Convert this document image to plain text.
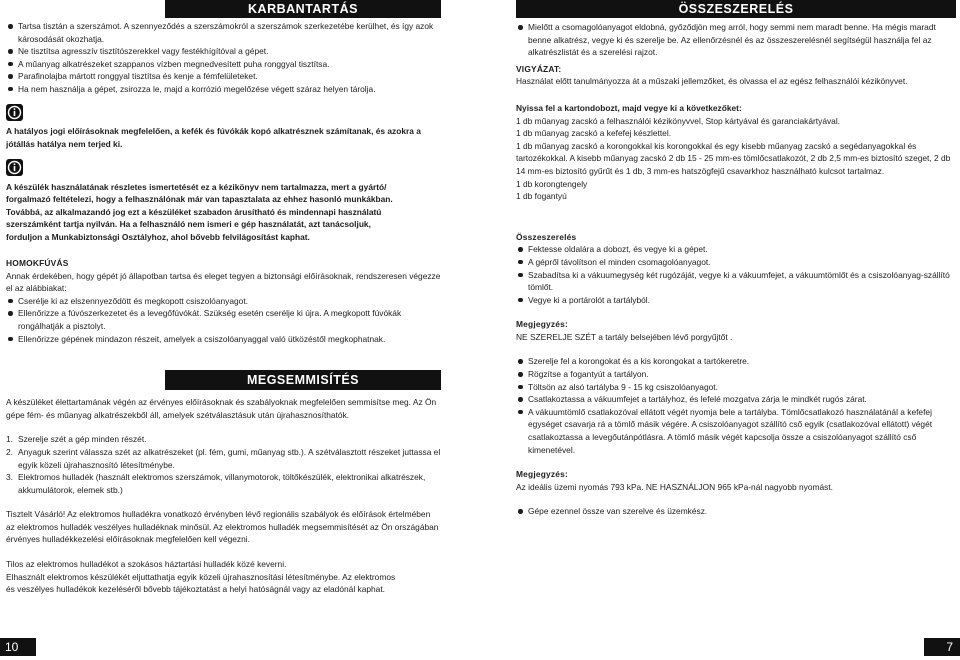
KARBANTARTÁS
Tartsa tisztán a szerszámot. A szennyeződés a szerszámokról a szerszámok szerkezetébe kerülhet, és így azok károsodását okozhatja.
Ne tisztítsa agresszív tisztítószerekkel vagy festékhígítóval a gépet.
A műanyag alkatrészeket szappanos vízben megnedvesített puha ronggyal tisztítsa.
Parafinolajba mártott ronggyal tisztítsa és kenje a fémfelületeket.
Ha nem használja a gépet, zsirozza le, majd a korrózió megelőzése végett száraz helyen tárolja.

A hatályos jogi előírásoknak megfelelően, a kefék és fúvókák kopó alkatrésznek számítanak, és azokra a jótállás hatálya nem terjed ki.

A készülék használatának részletes ismertetését ez a kézikönyv nem tartalmazza, mert a gyártó/
forgalmazó feltételezi, hogy a felhasználónak már van tapasztalata az ehhez hasonló munkákban.
Továbbá, az alkalmazandó jog ezt a készüléket szabadon árusítható és mindennapi használatú
szerszámként tartja nyilván. Ha a felhasználó nem ismeri e gép használatát, azt tanácsoljuk,
forduljon a Munkabiztonsági Osztályhoz, ahol bővebb felvilágosítást kaphat.
HOMOKFÚVÁS

Annak érdekében, hogy gépét jó állapotban tartsa és eleget tegyen a biztonsági előírásoknak, rendszeresen végezze el az alábbiakat:

Cserélje ki az elszennyeződött és megkopott csiszolóanyagot.
Ellenőrizze a fúvószerkezetet és a levegőfúvókát. Szükség esetén cserélje ki újra. A megkopott fúvókák rongálhatják a pisztolyt.
Ellenőrizze gépének mindazon részeit, amelyek a csiszolóanyaggal való ütközéstől megkophatnak.
MEGSEMMISÍTÉS

A készüléket élettartamának végén az érvényes előírásoknak és szabályoknak megfelelően semmisítse meg. Az Ön gépe fém- és műanyag alkatrészekből áll, amelyek szétválasztásuk után újrahasznosíthatók.

1. Szerelje szét a gép minden részét.
2. Anyaguk szerint válassza szét az alkatrészeket (pl. fém, gumi, műanyag stb.). A szétválasztott részeket juttassa el egyik közeli újrahasznosító létesítménybe.
3. Elektromos hulladék (használt elektromos szerszámok, villanymotorok, töltőkészülék, elektronikai alkatrészek, akkumulátorok, elemek stb.)

Tisztelt Vásárló! Az elektromos hulladékra vonatkozó érvényben lévő regionális szabályok és előírások értelmében az elektromos hulladék veszélyes hulladéknak minősül. Az elektromos hulladék megsemmisítését az Ön országában érvényes hulladékkezelési előírásoknak megfelelően kell végezni.

Tilos az elektromos hulladékot a szokásos háztartási hulladék közé keverni.
Elhasznált elektromos készülékét eljuttathatja egyik közeli újrahasznosítási létesítménybe. Az elektromos
és veszélyes hulladékok kezeléséről bővebb tájékoztatást a helyi hatóságnál vagy az eladónál kaphat.
ÖSSZESZERELÉS
Mielőtt a csomagolóanyagot eldobná, győződjön meg arról, hogy semmi nem maradt benne. Ha mégis maradt benne alkatrész, vegye ki és szerelje be. Az ellenőrzésnél és az összeszerelésnél segítségül használja fel az alkatrészlistát és a szerelési rajzot.
VIGYÁZAT:

Használat előtt tanulmányozza át a műszaki jellemzőket, és olvassa el az egész felhasználói kézikönyvet.

Nyissa fel a kartondobozt, majd vegye ki a következőket:
1 db műanyag zacskó a felhasználói kézikönyvvel, Stop kártyával és garanciakártyával.
1 db műanyag zacskó a kefefej készlettel.
1 db műanyag zacskó a korongokkal kis korongokkal és egy kisebb műanyag zacskó a segédanyagokkal és tartozékokkal. A kisebb műanyag zacskó 2 db 15 - 25 mm-es tömlőcsatlakozót, 2 db 2,5 mm-es biztosító szeget, 2 db 14 mm-es biztosító gyűrűt és 1 db, 3 mm-es hatszögfejű csavarkhoz használható kulcsot tartalmaz.
1 db korongtengely
1 db fogantyú
Összeszerelés
Fektesse oldalára a dobozt, és vegye ki a gépet.
A gépről távolítson el minden csomagolóanyagot.
Szabadítsa ki a vákuumegység két rugózáját, vegye ki a vákuumfejet, a vákuumtömlőt és a csiszolóanyag-szállító tömlőt.
Vegye ki a portárolót a tartályból.
Megjegyzés:

NE SZERELJE SZÉT a tartály belsejében lévő porgyűjtőt .

Szerelje fel a korongokat és a kis korongokat a tartókeretre.
Rögzítse a fogantyút a tartályon.
Töltsön az alsó tartályba 9 - 15 kg csiszolóanyagot.
Csatlakoztassa a vákuumfejet a tartályhoz, és lefelé mozgatva zárja le mindkét rugós zárat.
A vákuumtömlő csatlakozóval ellátott végét nyomja bele a tartályba. Tömlőcsatlakozó használatánál a kefefej egységet csavarja rá a tömlő másik végére. A csiszolóanyagot szállító cső egyik (csatlakozóval ellátott) végét csatlakoztassa a levegőutánpótlásra. A tömlő másik végét kapcsolja össze a csiszolóanyagot szállító cső kimenetével.
Megjegyzés:

Az ideális üzemi nyomás 793 kPa. NE HASZNÁLJON 965 kPa-nál nagyobb nyomást.

Gépe ezennel össze van szerelve és üzemkész.
10	7
